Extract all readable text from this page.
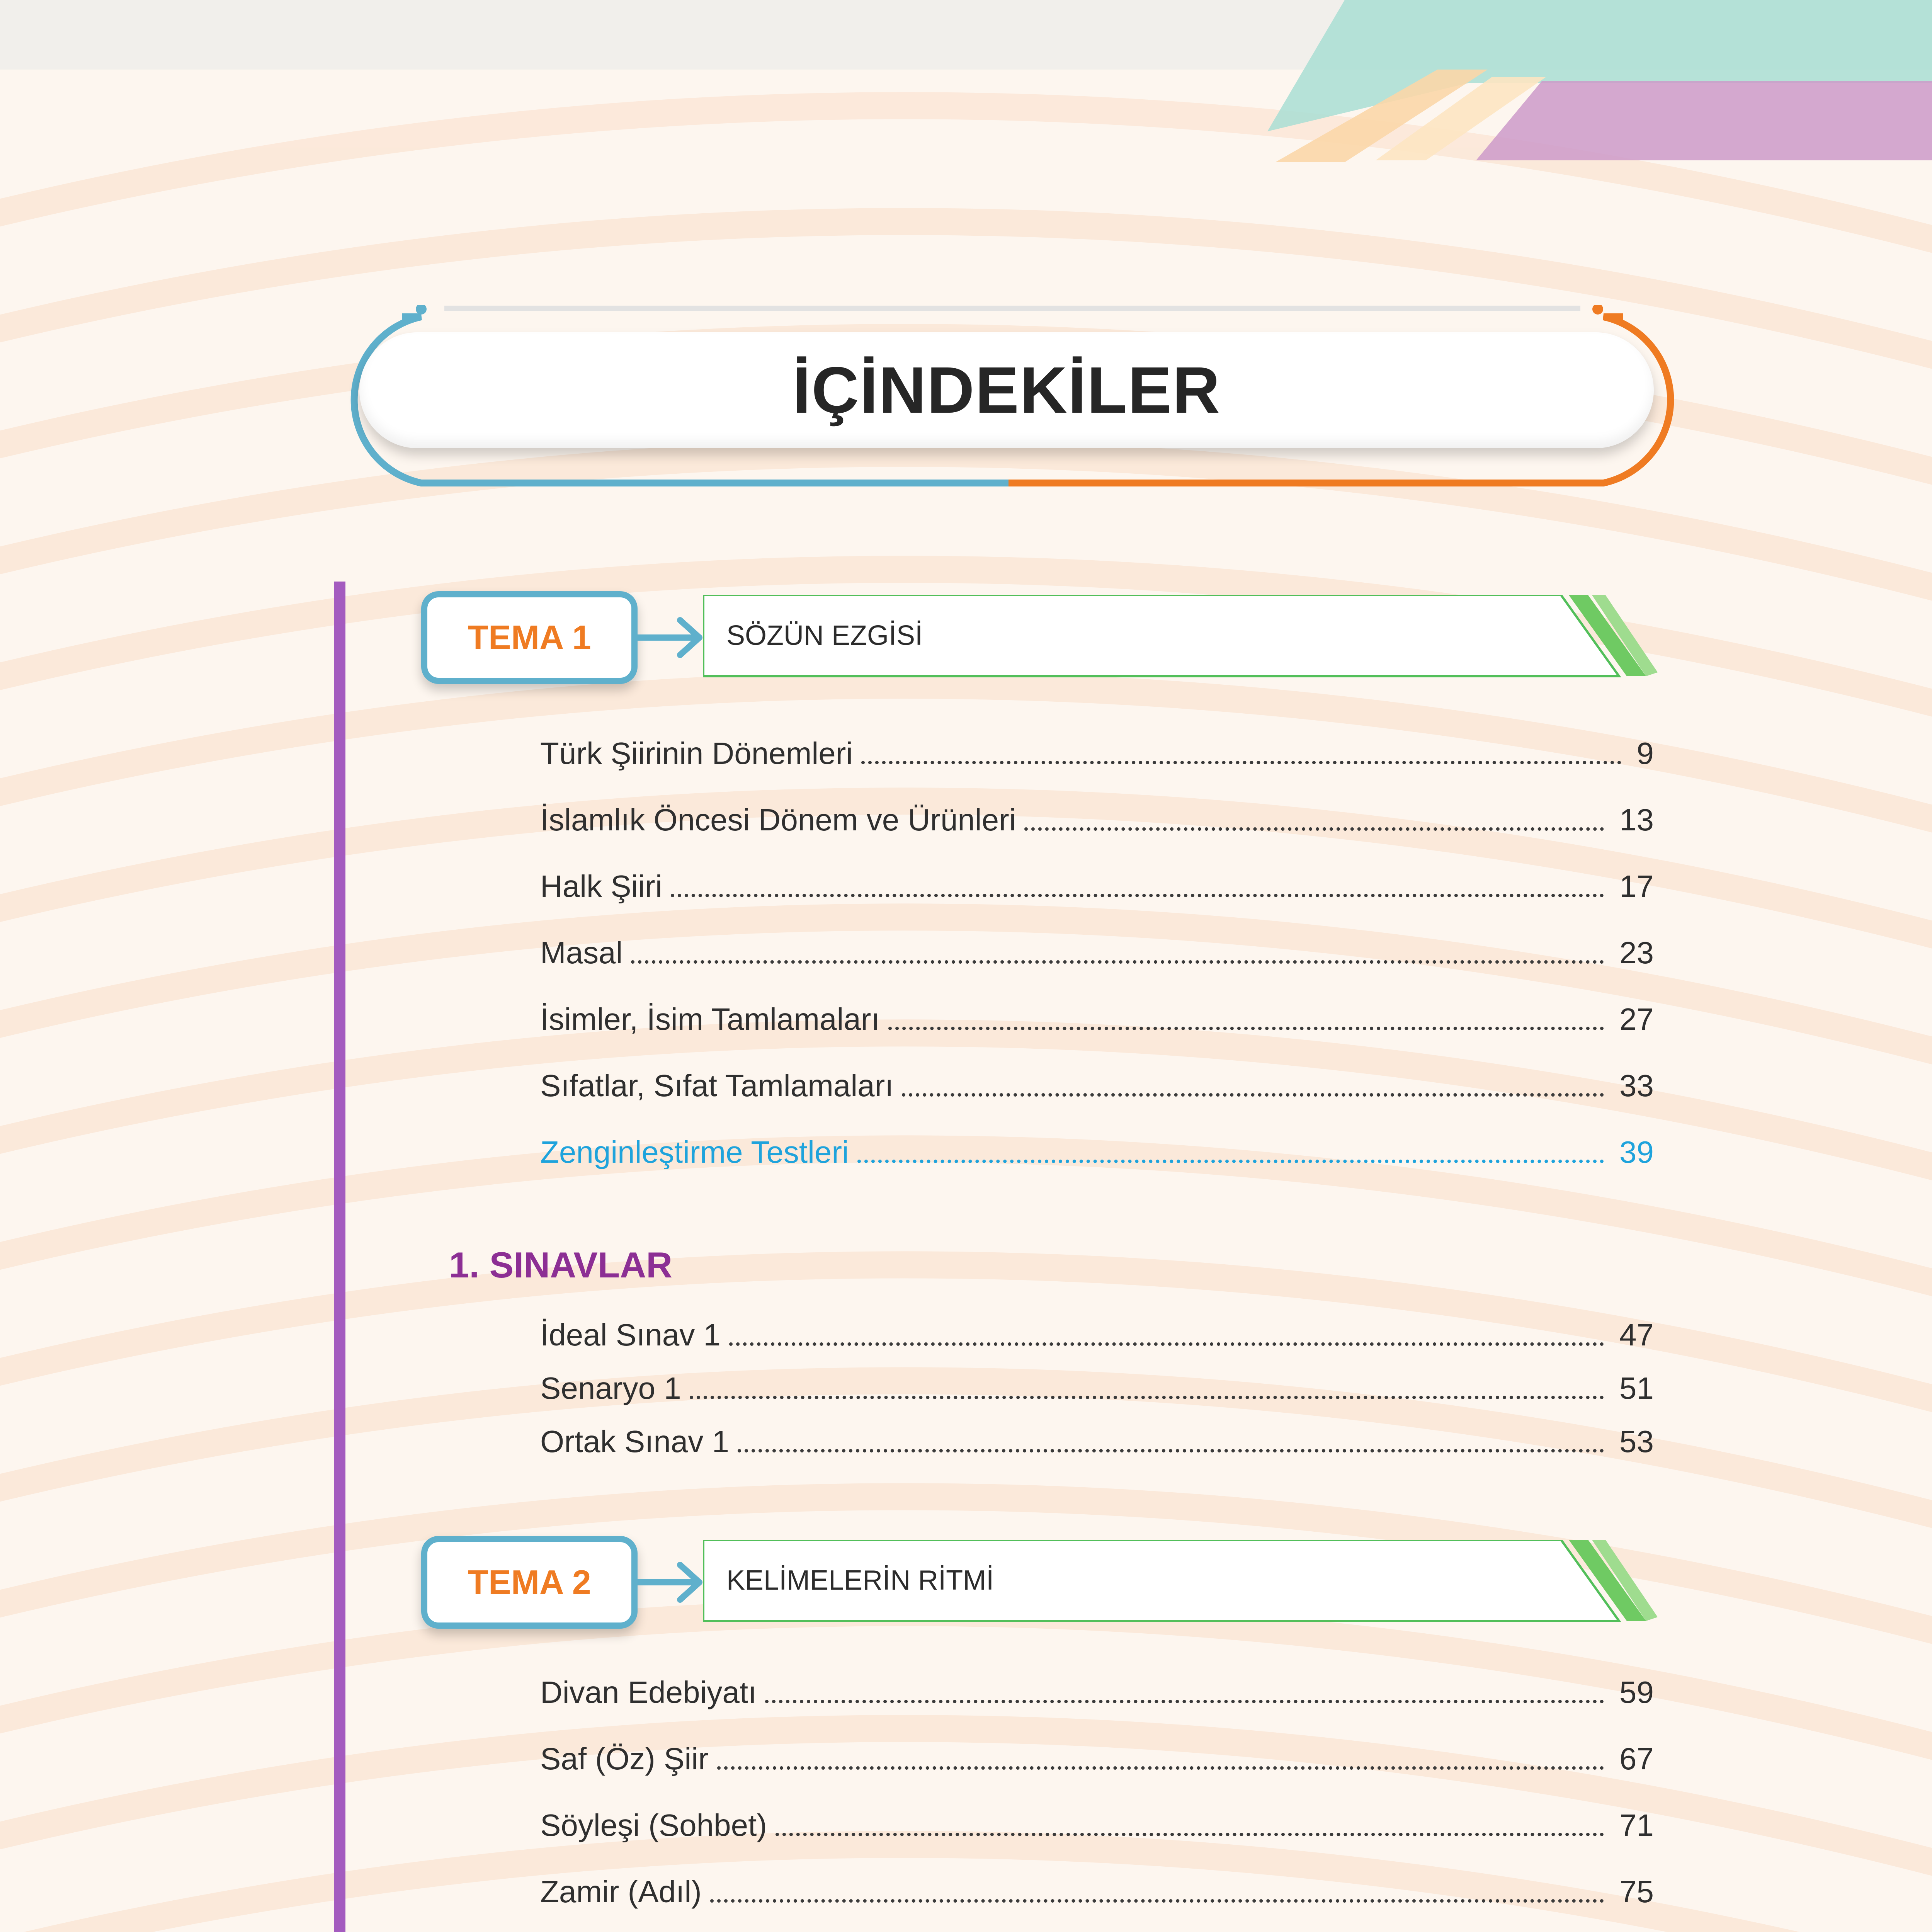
İÇİNDEKİLER
TEMA 1	SÖZÜN EZGİSİ
Türk Şiirinin Dönemleri	9
İslamlık Öncesi Dönem ve Ürünleri	13
Halk Şiiri	17
Masal	23
İsimler, İsim Tamlamaları	27
Sıfatlar, Sıfat Tamlamaları	33
Zenginleştirme Testleri	39
1. SINAVLAR
İdeal Sınav 1	47
Senaryo 1	51
Ortak Sınav 1	53
TEMA 2	KELİMELERİN RİTMİ
Divan Edebiyatı	59
Saf (Öz) Şiir	67
Söyleşi (Sohbet)	71
Zamir (Adıl)	75
